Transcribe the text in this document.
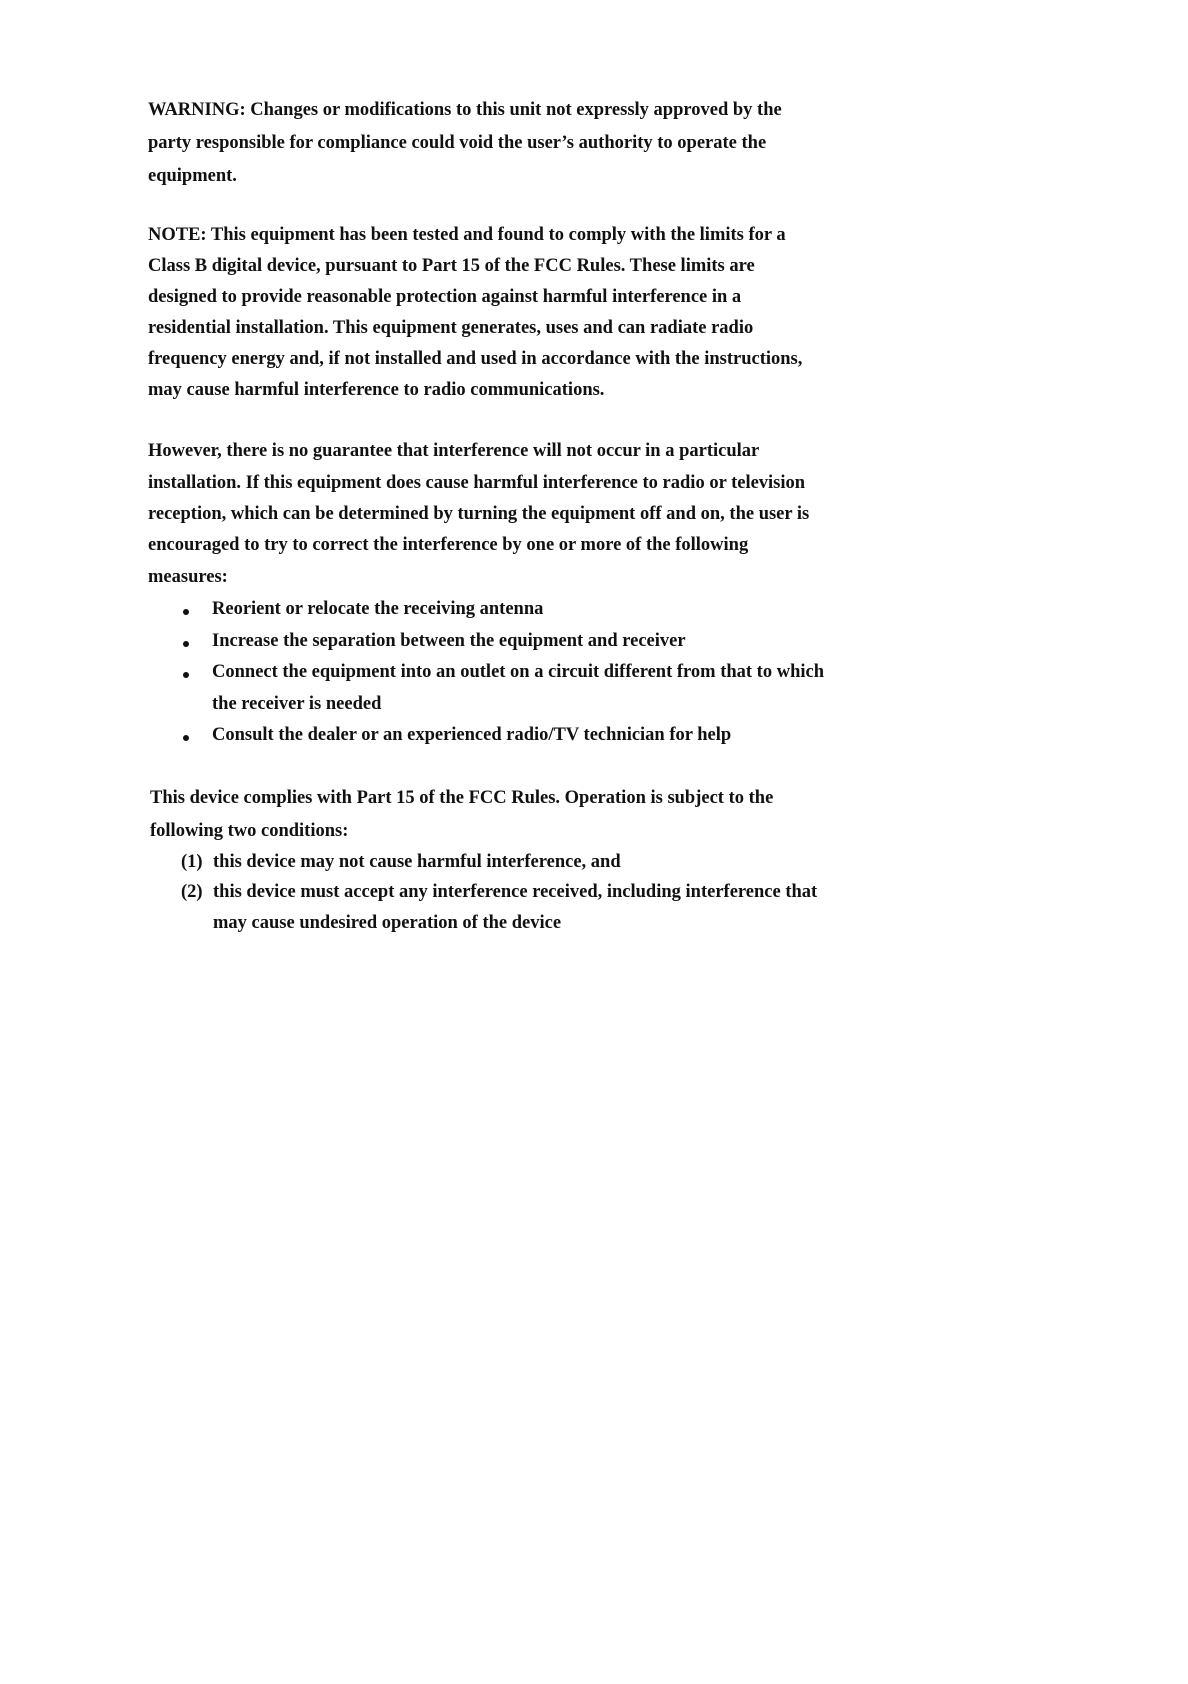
WARNING: Changes or modifications to this unit not expressly approved by the
party responsible for compliance could void the user’s authority to operate the
equipment.
NOTE: This equipment has been tested and found to comply with the limits for a
Class B digital device, pursuant to Part 15 of the FCC Rules. These limits are
designed to provide reasonable protection against harmful interference in a
residential installation. This equipment generates, uses and can radiate radio
frequency energy and, if not installed and used in accordance with the instructions,
may cause harmful interference to radio communications.
However, there is no guarantee that interference will not occur in a particular
installation. If this equipment does cause harmful interference to radio or television
reception, which can be determined by turning the equipment off and on, the user is
encouraged to try to correct the interference by one or more of the following
measures:
Reorient or relocate the receiving antenna
Increase the separation between the equipment and receiver
Connect the equipment into an outlet on a circuit different from that to which
the receiver is needed
Consult the dealer or an experienced radio/TV technician for help
This device complies with Part 15 of the FCC Rules. Operation is subject to the
following two conditions:
(1) this device may not cause harmful interference, and
(2) this device must accept any interference received, including interference that
may cause undesired operation of the device
